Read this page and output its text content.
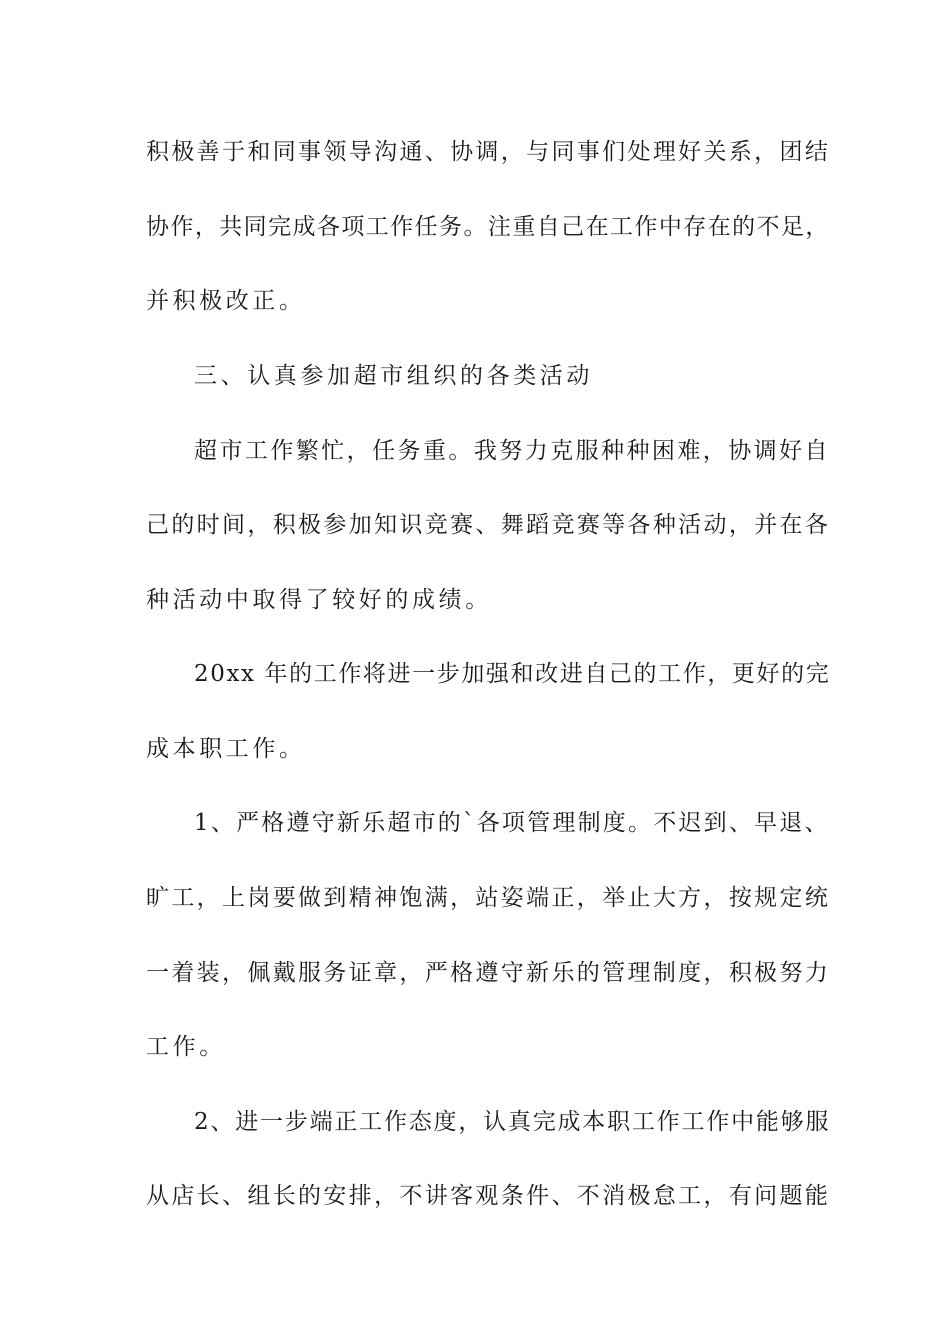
积极善于和同事领导沟通、协调，与同事们处理好关系，团结
协作，共同完成各项工作任务。注重自己在工作中存在的不足，
并积极改正。
三、认真参加超市组织的各类活动
超市工作繁忙，任务重。我努力克服种种困难，协调好自
己的时间，积极参加知识竞赛、舞蹈竞赛等各种活动，并在各
种活动中取得了较好的成绩。
20xx 年的工作将进一步加强和改进自己的工作，更好的完
成本职工作。
1、严格遵守新乐超市的`各项管理制度。不迟到、早退、
旷工，上岗要做到精神饱满，站姿端正，举止大方，按规定统
一着装，佩戴服务证章，严格遵守新乐的管理制度，积极努力
工作。
2、进一步端正工作态度，认真完成本职工作工作中能够服
从店长、组长的安排，不讲客观条件、不消极怠工，有问题能
